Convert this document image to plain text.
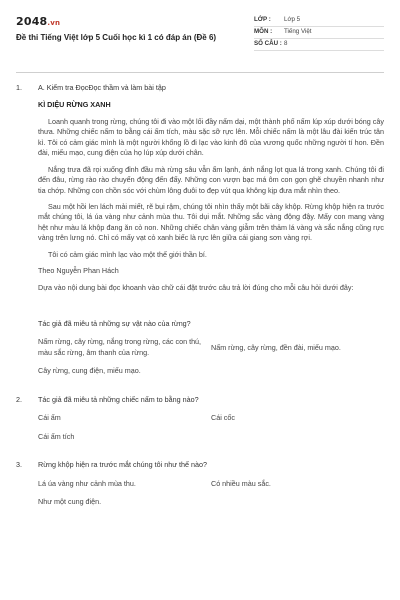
2048.vn
Đề thi Tiếng Việt lớp 5 Cuối học kì 1 có đáp án (Đề 6)
LỚP :	Lớp 5
MÔN :	Tiếng Việt
SỐ CÂU : 8
1.	A. Kiểm tra ĐọcĐọc thầm và làm bài tập
KÌ DIỆU RỪNG XANH

Loanh quanh trong rừng, chúng tôi đi vào một lối đầy nấm dại, một thành phố nấm lúp xúp dưới bóng cây thưa. Những chiếc nấm to bằng cái ấm tích, màu sặc sỡ rực lên. Mỗi chiếc nấm là một lâu đài kiến trúc tân kì. Tôi có cảm giác mình là một người khổng lồ đi lạc vào kinh đô của vương quốc những người tí hon. Đền đài, miếu mạo, cung điện của họ lúp xúp dưới chân.

Nắng trưa đã rọi xuống đỉnh đầu mà rừng sâu vẫn ẩm lạnh, ánh nắng lọt qua lá trong xanh. Chúng tôi đi đến đâu, rừng rào rào chuyển động đến đấy. Những con vượn bạc má ôm con gọn ghẽ chuyền nhanh như tia chớp. Những con chồn sóc với chùm lông đuôi to đẹp vút qua không kịp đưa mắt nhìn theo.

Sau một hồi len lách mải miết, rẽ bụi rậm, chúng tôi nhìn thấy một bãi cây khộp. Rừng khộp hiện ra trước mắt chúng tôi, lá úa vàng như cảnh mùa thu. Tôi dụi mắt. Những sắc vàng động đậy. Mấy con mang vàng hệt như màu lá khộp đang ăn cỏ non. Những chiếc chân vàng giẫm trên thảm lá vàng và sắc nắng cũng rực vàng trên lưng nó. Chỉ có mấy vạt cỏ xanh biếc là rực lên giữa cái giang sơn vàng rợi.

Tôi có cảm giác mình lạc vào một thế giới thần bí.

Theo Nguyễn Phan Hách

Dựa vào nội dung bài đọc khoanh vào chữ cái đặt trước câu trả lời đúng cho mỗi câu hỏi dưới đây:

Tác giả đã miêu tả những sự vật nào của rừng?
Nấm rừng, cây rừng, nắng trong rừng, các con thú, màu sắc rừng, âm thanh của rừng.
Nấm rừng, cây rừng, đền đài, miếu mạo.
Cây rừng, cung điện, miếu mạo.
2.	Tác giả đã miêu tả những chiếc nấm to bằng nào?
Cái ấm	Cái cốc
Cái ấm tích
3.	Rừng khộp hiện ra trước mắt chúng tôi như thế nào?
Lá úa vàng như cảnh mùa thu.	Có nhiều màu sắc.
Như một cung điện.
